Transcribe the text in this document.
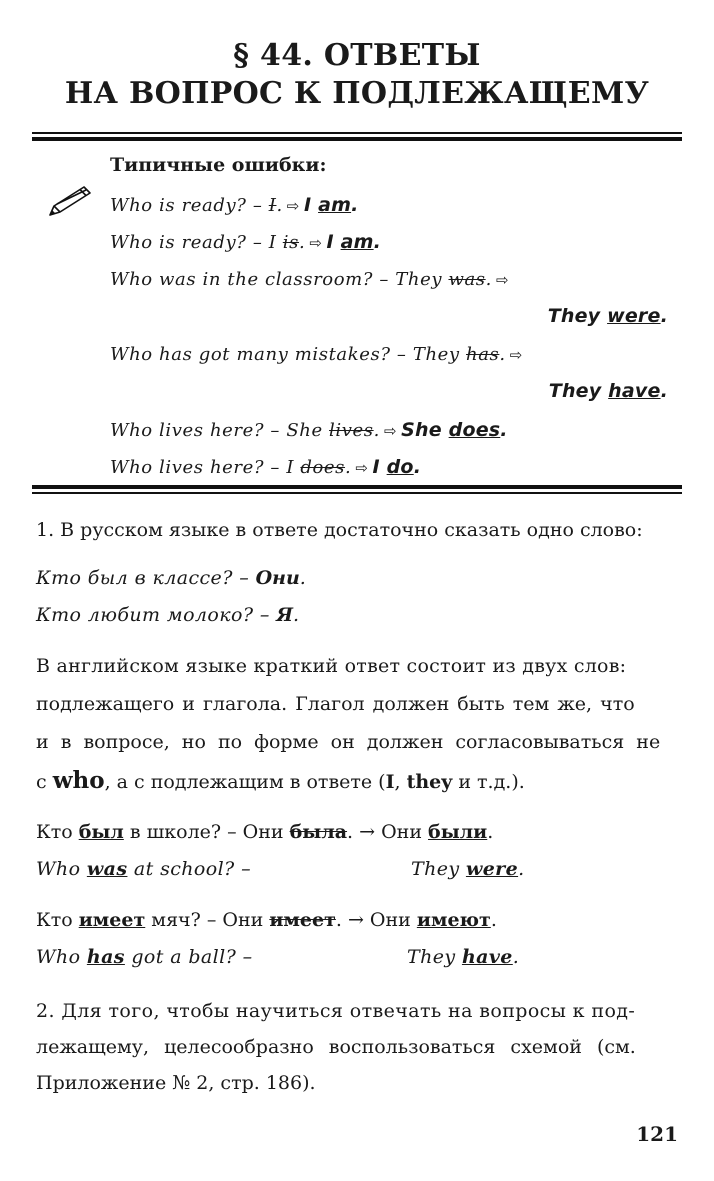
§ 44. ОТВЕТЫ
НА ВОПРОС К ПОДЛЕЖАЩЕМУ
Типичные ошибки:
Who is ready? – I. ⇨ I am.
Who is ready? – I is. ⇨ I am.
Who was in the classroom? – They was. ⇨
They were.
Who has got many mistakes? – They has. ⇨
They have.
Who lives here? – She lives. ⇨ She does.
Who lives here? – I does. ⇨ I do.
1. В русском языке в ответе достаточно сказать одно слово:
Кто был в классе? – Они.
Кто любит молоко? – Я.
В английском языке краткий ответ состоит из двух слов:
подлежащего и глагола. Глагол должен быть тем же, что
и в вопросе, но по форме он должен согласовываться не
с who, а с подлежащим в ответе (I, they и т.д.).
Кто был в школе? – Они была. → Они были.
Who was at school? –	They were.
Кто имеет мяч? – Они имеет. → Они имеют.
Who has got a ball? –	They have.
2. Для того, чтобы научиться отвечать на вопросы к под-
лежащему, целесообразно воспользоваться схемой (см.
Приложение № 2, стр. 186).
121
